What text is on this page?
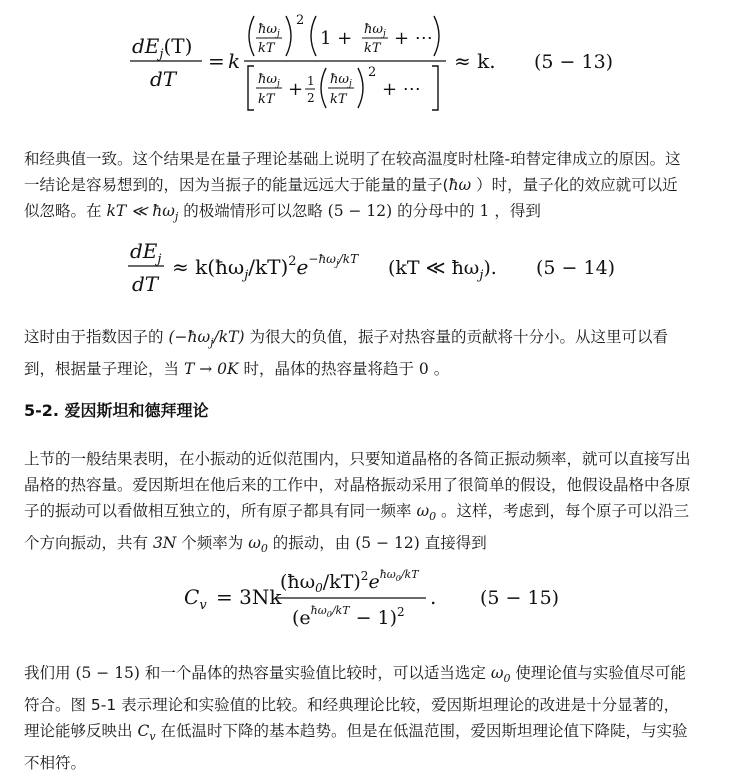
$dE_j(T)$
dT
= k
$ħ\omega_j$
kT
2
$1 + ħ\omega_j$
kT + ⋯
$ħ\omega_j$
kT + 1
2
$ħ\omega_j$
kT
2
+ ⋯
≈ k. (5 − 13)

和经典值一致。这个结果是在量子理论基础上说明了在较高温度时杜隆-珀替定律成立的原因。这

一结论是容易想到的，因为当振子的能量远远大于能量的量子(ħω ）时，量子化的效应就可以近

似忽略。在 kT ≪ $ħ\omega_j$ 的极端情形可以忽略 (5 − 12) 的分母中的 1 ，得到

$dE_j$
dT
≈ $k(ħ\omega_j/kT)^2e^{-ħ\omega}j/kT$ (kT ≪ $ħ\omega_j$). (5 − 14)

这时由于指数因子的 $(-ħ\omega_j/kT)$ 为很大的负值，振子对热容量的贡献将十分小。从这里可以看

到，根据量子理论，当 T → 0K 时，晶体的热容量将趋于 0 。

5-2. 爱因斯坦和德拜理论

上节的一般结果表明，在小振动的近似范围内，只要知道晶格的各简正振动频率，就可以直接写出

晶格的热容量。爱因斯坦在他后来的工作中，对晶格振动采用了很简单的假设，他假设晶格中各原

子的振动可以看做相互独立的，所有原子都具有同一频率 $\omega_0$ 。这样，考虑到，每个原子可以沿三

个方向振动，共有 3N 个频率为 $\omega_0$ 的振动，由 (5 − 12) 直接得到

$C_v = 3Nk$
$(ħ\omega_0/kT)^2e^{ħ\omega}0/kT$
$(e^{ħ\omega}0/kT - 1)^2$
. (5 − 15)

我们用 (5 − 15) 和一个晶体的热容量实验值比较时，可以适当选定 $\omega_0$ 使理论值与实验值尽可能

符合。图 5-1 表示理论和实验值的比较。和经典理论比较，爱因斯坦理论的改进是十分显著的，

理论能够反映出 $C_v$ 在低温时下降的基本趋势。但是在低温范围，爱因斯坦理论值下降陡，与实验

不相符。
